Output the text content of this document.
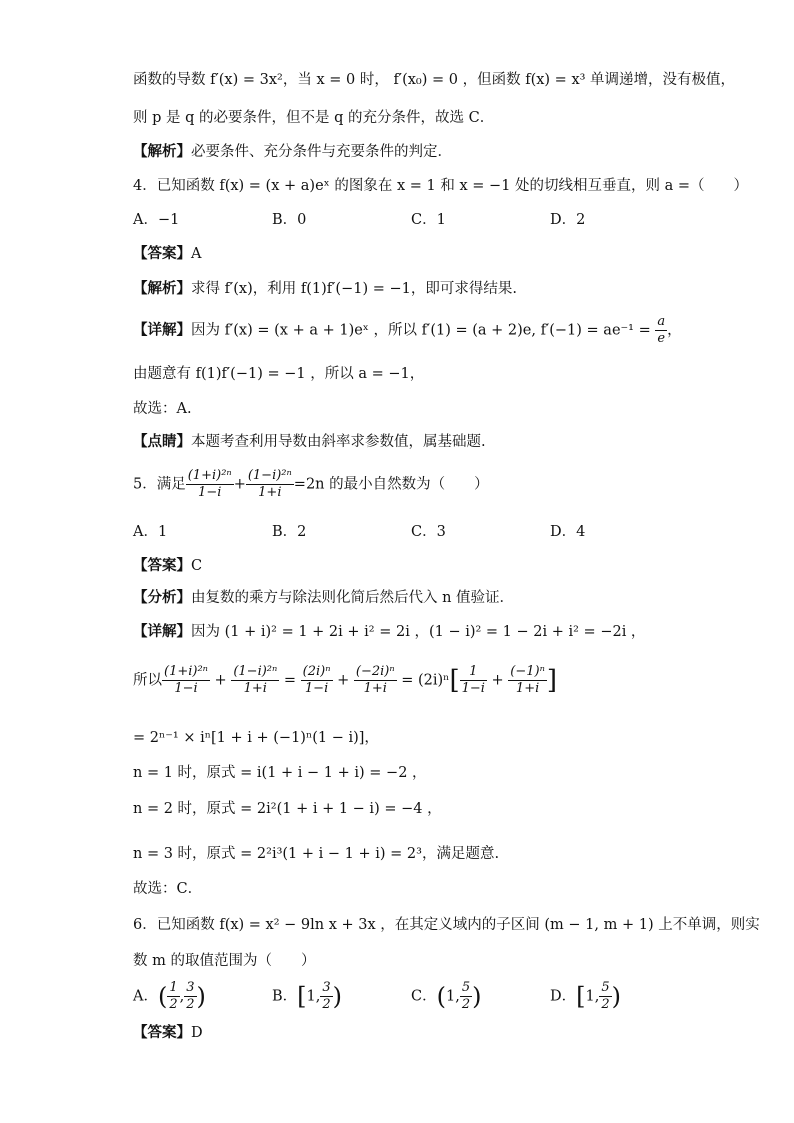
函数的导数 f′(x) = 3x²，当 x = 0 时， f′(x₀) = 0 ，但函数 f(x) = x³ 单调递增，没有极值，
则 p 是 q 的必要条件，但不是 q 的充分条件，故选 C．
【解析】必要条件、充分条件与充要条件的判定．
4．已知函数 f(x) = (x + a)eˣ 的图象在 x = 1 和 x = −1 处的切线相互垂直，则 a =（　　）
A．−1	B．0	C．1	D．2
【答案】A
【解析】求得 f′(x)，利用 f(1)f′(−1) = −1，即可求得结果.
【详解】因为 f′(x) = (x + a + 1)eˣ ，所以 f′(1) = (a + 2)e, $f'(-1) = ae^{-1} = \frac{a}{e}$ ，
由题意有 f(1)f′(−1) = −1 ，所以 a = −1，
故选：A.
【点睛】本题考查利用导数由斜率求参数值，属基础题.
5．满足 $\frac{\text{(1+i)²ⁿ}}{1-i} + \frac{\text{(1−i)²ⁿ}}{1+i} =2n$ 的最小自然数为（　　）
A．1	B．2	C．3	D．4
【答案】C
【分析】由复数的乘方与除法则化简后然后代入 n 值验证．
【详解】因为 (1 + i)² = 1 + 2i + i² = 2i ，(1 − i)² = 1 − 2i + i² = −2i ，
所以 $\frac{\text{(1+i)²ⁿ}}{1-i} + \frac{\text{(1−i)²ⁿ}}{1+i} = \frac{\text{(2i)ⁿ}}{1-i} + \frac{\text{(−2i)ⁿ}}{1+i} = (2i)^n[ \frac{1}{1-i} + \frac{\text{(−1)ⁿ}}{1+i}$ ]
= 2ⁿ⁻¹ × iⁿ[1 + i + (−1)ⁿ(1 − i)]，
n = 1 时，原式 = i(1 + i − 1 + i) = −2 ，
n = 2 时，原式 = 2i²(1 + i + 1 − i) = −4 ，
n = 3 时，原式 = 2²i³(1 + i − 1 + i) = 2³，满足题意.
故选：C．
6．已知函数 f(x) = x² − 9ln x + 3x ，在其定义域内的子区间 (m − 1, m + 1) 上不单调，则实
数 m 的取值范围为（　　）
A．( $\frac{1}{2}$ , $\frac{3}{2}$ )	B．[1, $\frac{3}{2}$ )	C．(1, $\frac{5}{2}$ )	D．[1, $\frac{5}{2}$ )
【答案】D
